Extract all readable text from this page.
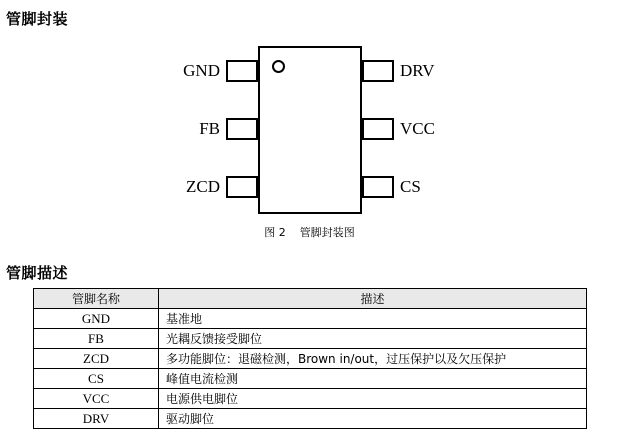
管脚封装
GND
FB
ZCD
DRV
VCC
CS
图 2 管脚封装图
管脚描述
管脚名称	描述
GND	基准地
FB	光耦反馈接受脚位
ZCD	多功能脚位：退磁检测，Brown in/out，过压保护以及欠压保护
CS	峰值电流检测
VCC	电源供电脚位
DRV	驱动脚位
